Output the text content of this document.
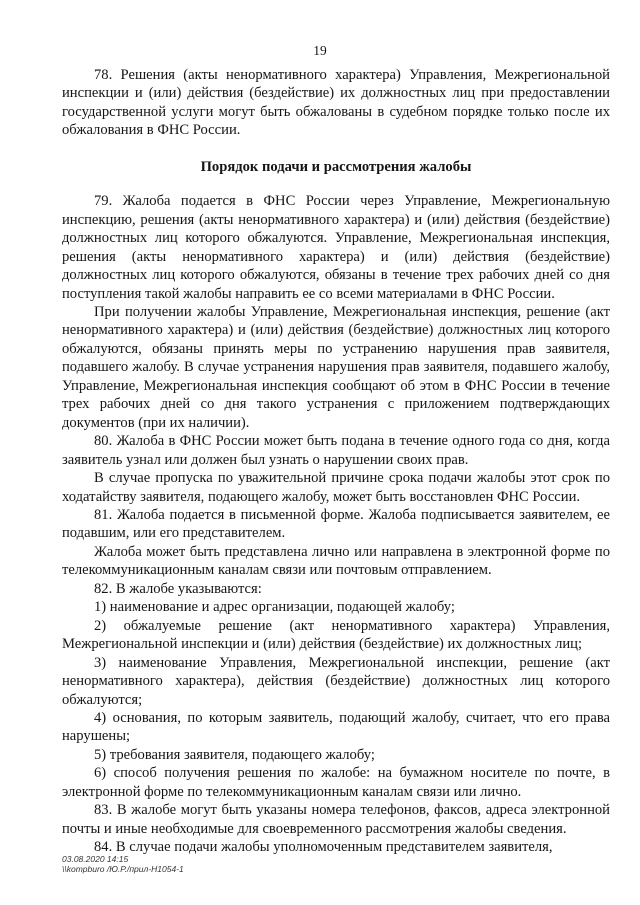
19

78. Решения (акты ненормативного характера) Управления, Межрегиональной инспекции и (или) действия (бездействие) их должностных лиц при предоставлении государственной услуги могут быть обжалованы в судебном порядке только после их обжалования в ФНС России.

Порядок подачи и рассмотрения жалобы

79. Жалоба подается в ФНС России через Управление, Межрегиональную инспекцию, решения (акты ненормативного характера) и (или) действия (бездействие) должностных лиц которого обжалуются. Управление, Межрегиональная инспекция, решения (акты ненормативного характера) и (или) действия (бездействие) должностных лиц которого обжалуются, обязаны в течение трех рабочих дней со дня поступления такой жалобы направить ее со всеми материалами в ФНС России.

При получении жалобы Управление, Межрегиональная инспекция, решение (акт ненормативного характера) и (или) действия (бездействие) должностных лиц которого обжалуются, обязаны принять меры по устранению нарушения прав заявителя, подавшего жалобу. В случае устранения нарушения прав заявителя, подавшего жалобу, Управление, Межрегиональная инспекция сообщают об этом в ФНС России в течение трех рабочих дней со дня такого устранения с приложением подтверждающих документов (при их наличии).

80. Жалоба в ФНС России может быть подана в течение одного года со дня, когда заявитель узнал или должен был узнать о нарушении своих прав.

В случае пропуска по уважительной причине срока подачи жалобы этот срок по ходатайству заявителя, подающего жалобу, может быть восстановлен ФНС России.

81. Жалоба подается в письменной форме. Жалоба подписывается заявителем, ее подавшим, или его представителем.

Жалоба может быть представлена лично или направлена в электронной форме по телекоммуникационным каналам связи или почтовым отправлением.

82. В жалобе указываются:

1) наименование и адрес организации, подающей жалобу;

2) обжалуемые решение (акт ненормативного характера) Управления, Межрегиональной инспекции и (или) действия (бездействие) их должностных лиц;

3) наименование Управления, Межрегиональной инспекции, решение (акт ненормативного характера), действия (бездействие) должностных лиц которого обжалуются;

4) основания, по которым заявитель, подающий жалобу, считает, что его права нарушены;

5) требования заявителя, подающего жалобу;

6) способ получения решения по жалобе: на бумажном носителе по почте, в электронной форме по телекоммуникационным каналам связи или лично.

83. В жалобе могут быть указаны номера телефонов, факсов, адреса электронной почты и иные необходимые для своевременного рассмотрения жалобы сведения.

84. В случае подачи жалобы уполномоченным представителем заявителя,

03.08.2020 14:15
\\kompburo /Ю.Р./прил-Н1054-1
